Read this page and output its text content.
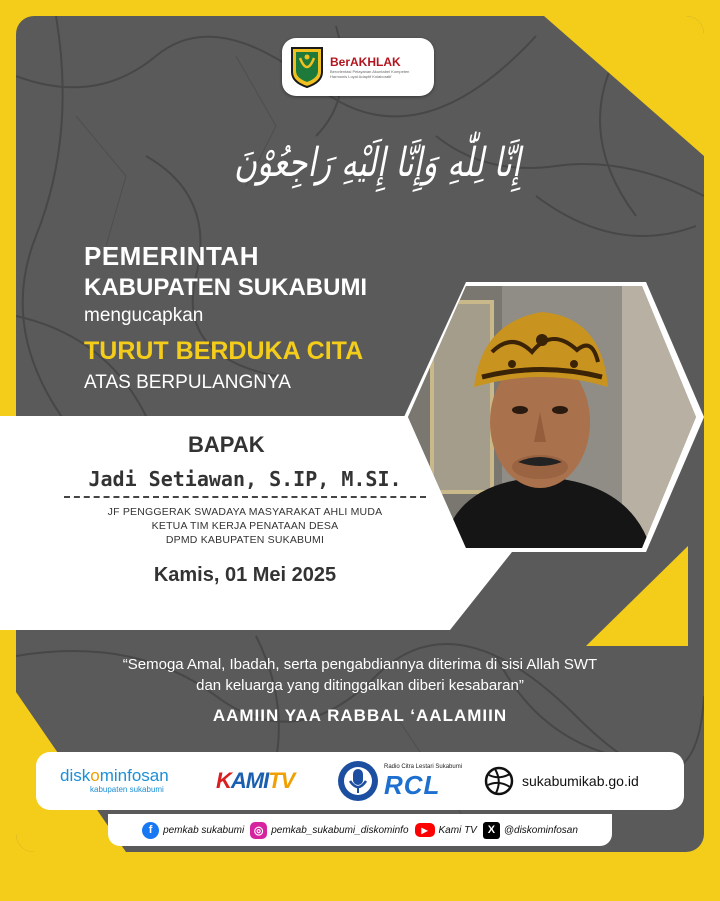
BerAKHLAK
Berorientasi Pelayanan Akuntabel Kompeten Harmonis Loyal Adaptif Kolaboratif
إِنَّا لِلّٰهِ وَإِنَّا إِلَيْهِ رَاجِعُوْنَ
PEMERINTAH
KABUPATEN SUKABUMI
mengucapkan
TURUT BERDUKA CITA
ATAS BERPULANGNYA
BAPAK
Jadi Setiawan, S.IP, M.SI.
JF PENGGERAK SWADAYA MASYARAKAT AHLI MUDA
KETUA TIM KERJA PENATAAN DESA
DPMD KABUPATEN SUKABUMI
Kamis, 01 Mei 2025
“Semoga Amal, Ibadah, serta pengabdiannya diterima di sisi Allah SWT
dan keluarga yang ditinggalkan diberi kesabaran”
AAMIIN YAA RABBAL ‘AALAMIIN
diskominfosan
kabupaten sukabumi K AMI TV
Radio Citra Lestari Sukabumi
RCL	sukabumikab.go.id
f	pemkab sukabumi ◎ pemkab_sukabumi_diskominfo	▶	Kami TV X @diskominfosan
